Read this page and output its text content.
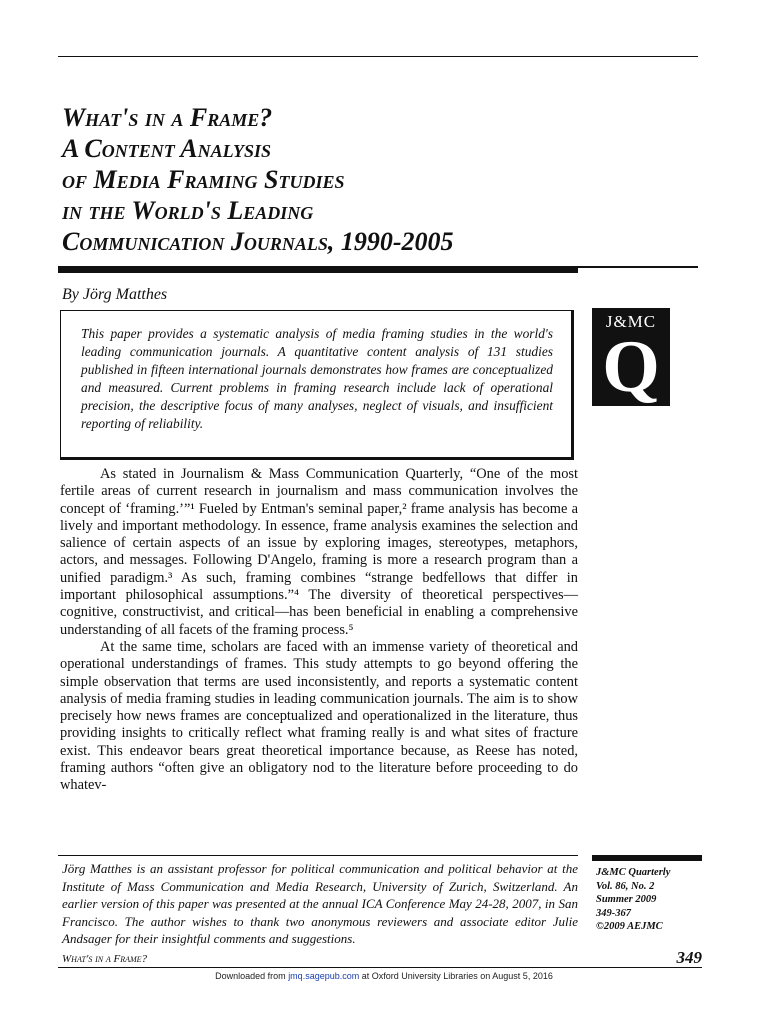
What's in a Frame?
A Content Analysis
of Media Framing Studies
in the World's Leading
Communication Journals, 1990-2005
By Jörg Matthes
This paper provides a systematic analysis of media framing studies in the world's leading communication journals. A quantitative content analysis of 131 studies published in fifteen international journals demonstrates how frames are conceptualized and measured. Current problems in framing research include lack of operational precision, the descriptive focus of many analyses, neglect of visuals, and insufficient reporting of reliability.
J&MC
Q

As stated in Journalism & Mass Communication Quarterly, “One of the most fertile areas of current research in journalism and mass communication involves the concept of ‘framing.’”¹ Fueled by Entman's seminal paper,² frame analysis has become a lively and important methodology. In essence, frame analysis examines the selection and salience of certain aspects of an issue by exploring images, stereotypes, metaphors, actors, and messages. Following D'Angelo, framing is more a research program than a unified paradigm.³ As such, framing combines “strange bedfellows that differ in important philosophical assumptions.”⁴ The diversity of theoretical perspectives—cognitive, constructivist, and critical—has been beneficial in enabling a comprehensive understanding of all facets of the framing process.⁵

At the same time, scholars are faced with an immense variety of theoretical and operational understandings of frames. This study attempts to go beyond offering the simple observation that terms are used inconsistently, and reports a systematic content analysis of media framing studies in leading communication journals. The aim is to show precisely how news frames are conceptualized and operationalized in the literature, thus providing insights to critically reflect what framing really is and what sites of fracture exist. This endeavor bears great theoretical importance because, as Reese has noted, framing authors “often give an obligatory nod to the literature before proceeding to do whatev-

Jörg Matthes is an assistant professor for political communication and political behavior at the Institute of Mass Communication and Media Research, University of Zurich, Switzerland. An earlier version of this paper was presented at the annual ICA Conference May 24-28, 2007, in San Francisco. The author wishes to thank two anonymous reviewers and associate editor Julie Andsager for their insightful comments and suggestions.
J&MC Quarterly
Vol. 86, No. 2
Summer 2009
349-367
©2009 AEJMC
What's in a Frame?	349
Downloaded from jmq.sagepub.com at Oxford University Libraries on August 5, 2016
